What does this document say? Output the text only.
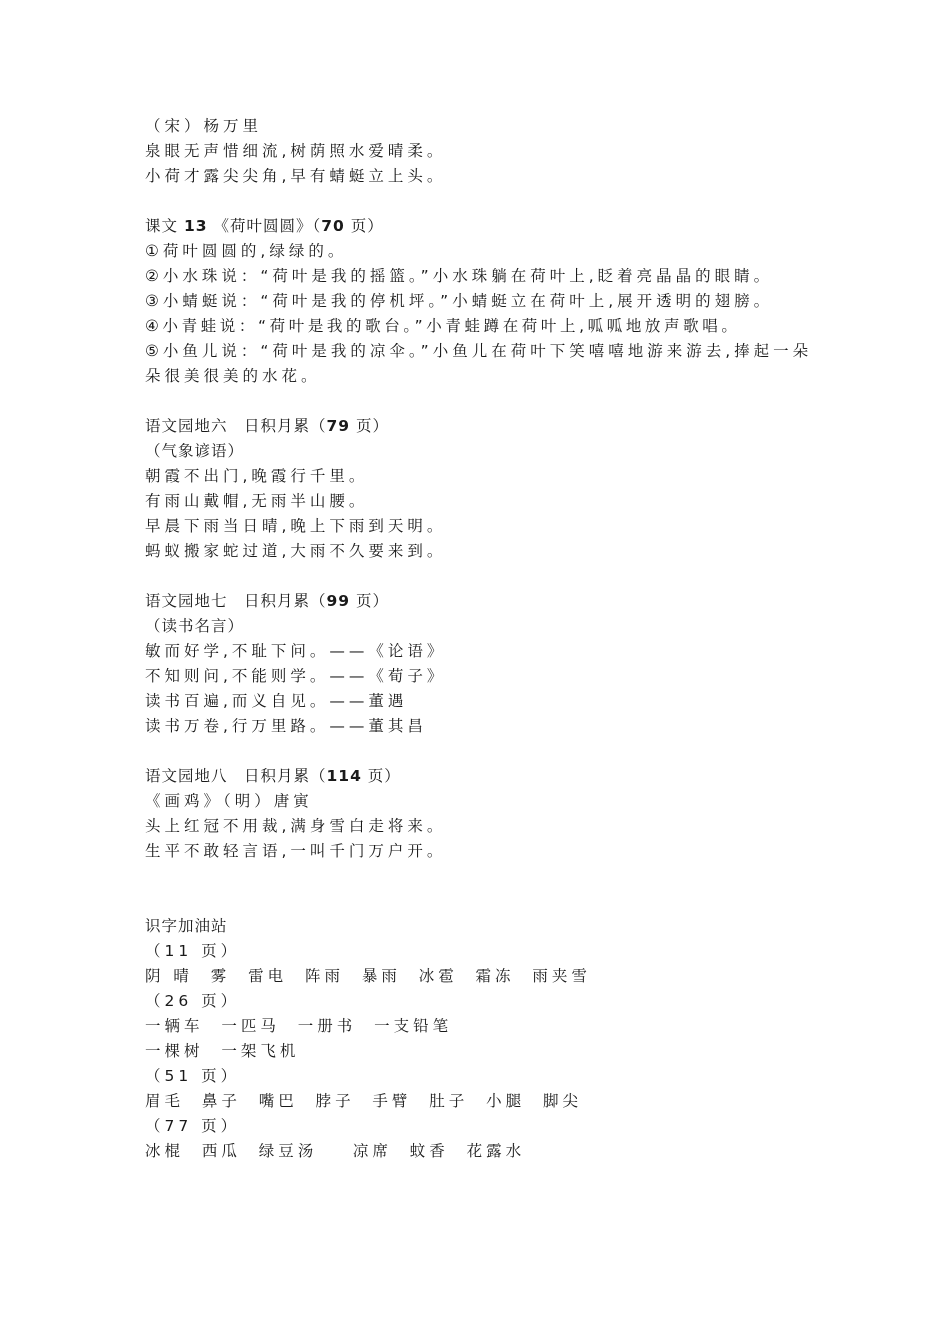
（宋）杨万里
泉眼无声惜细流,树荫照水爱晴柔。
小荷才露尖尖角,早有蜻蜓立上头。
课文 13 《荷叶圆圆》（70 页）
①荷叶圆圆的,绿绿的。
②小水珠说：“荷叶是我的摇篮。”小水珠躺在荷叶上,眨着亮晶晶的眼睛。
③小蜻蜓说：“荷叶是我的停机坪。”小蜻蜓立在荷叶上,展开透明的翅膀。
④小青蛙说：“荷叶是我的歌台。”小青蛙蹲在荷叶上,呱呱地放声歌唱。
⑤小鱼儿说：“荷叶是我的凉伞。”小鱼儿在荷叶下笑嘻嘻地游来游去,捧起一朵朵很美很美的水花。
语文园地六　日积月累（79 页）
（气象谚语）
朝霞不出门,晚霞行千里。
有雨山戴帽,无雨半山腰。
早晨下雨当日晴,晚上下雨到天明。
蚂蚁搬家蛇过道,大雨不久要来到。
语文园地七　日积月累（99 页）
（读书名言）
敏而好学,不耻下问。——《论语》
不知则问,不能则学。——《荀子》
读书百遍,而义自见。——董遇
读书万卷,行万里路。——董其昌
语文园地八　日积月累（114 页）
《画鸡》（明）唐寅
头上红冠不用裁,满身雪白走将来。
生平不敢轻言语,一叫千门万户开。
识字加油站
（11 页）
阴 晴  雾  雷电  阵雨  暴雨  冰雹  霜冻  雨夹雪
（26 页）
一辆车  一匹马  一册书  一支铅笔
一棵树  一架飞机
（51 页）
眉毛  鼻子  嘴巴  脖子  手臂  肚子  小腿  脚尖
（77 页）
冰棍  西瓜  绿豆汤    凉席  蚊香  花露水
